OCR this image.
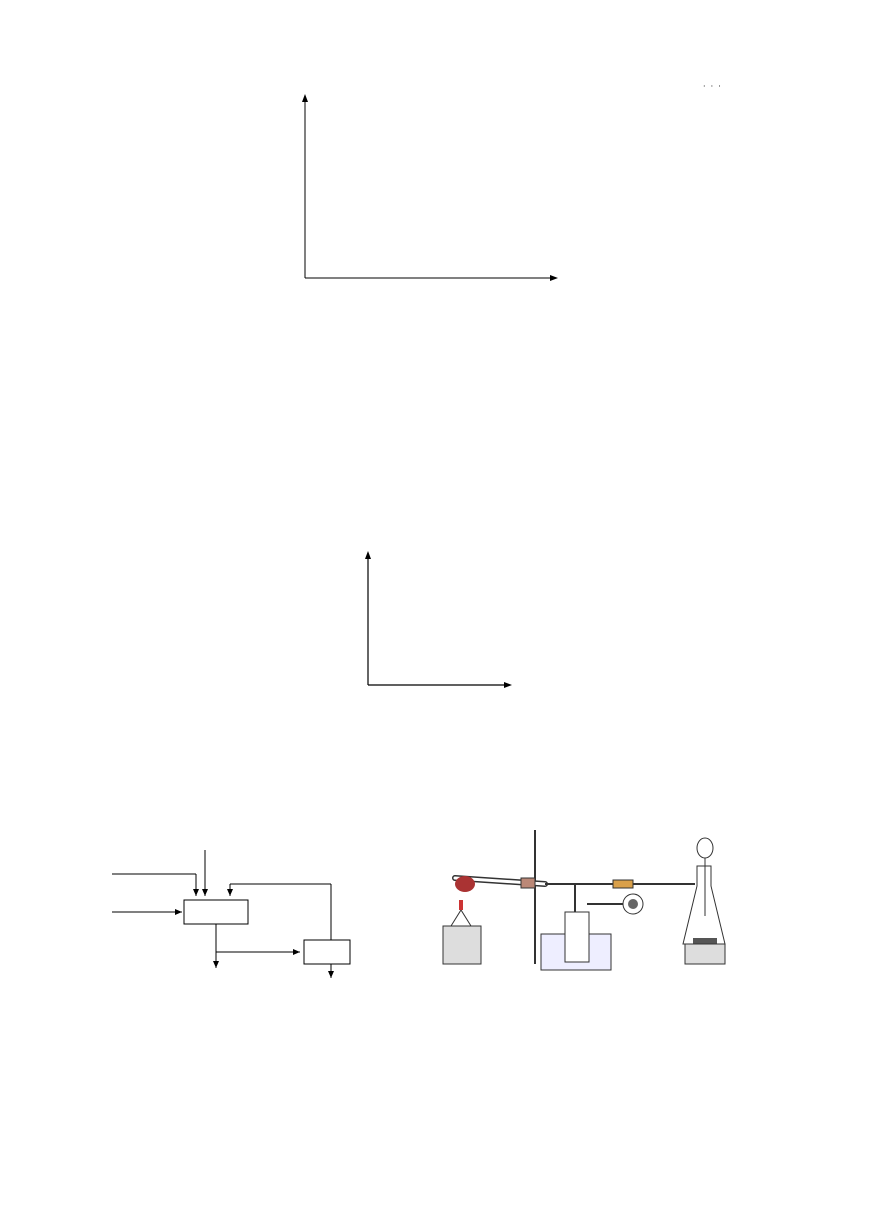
·  ·  ·
